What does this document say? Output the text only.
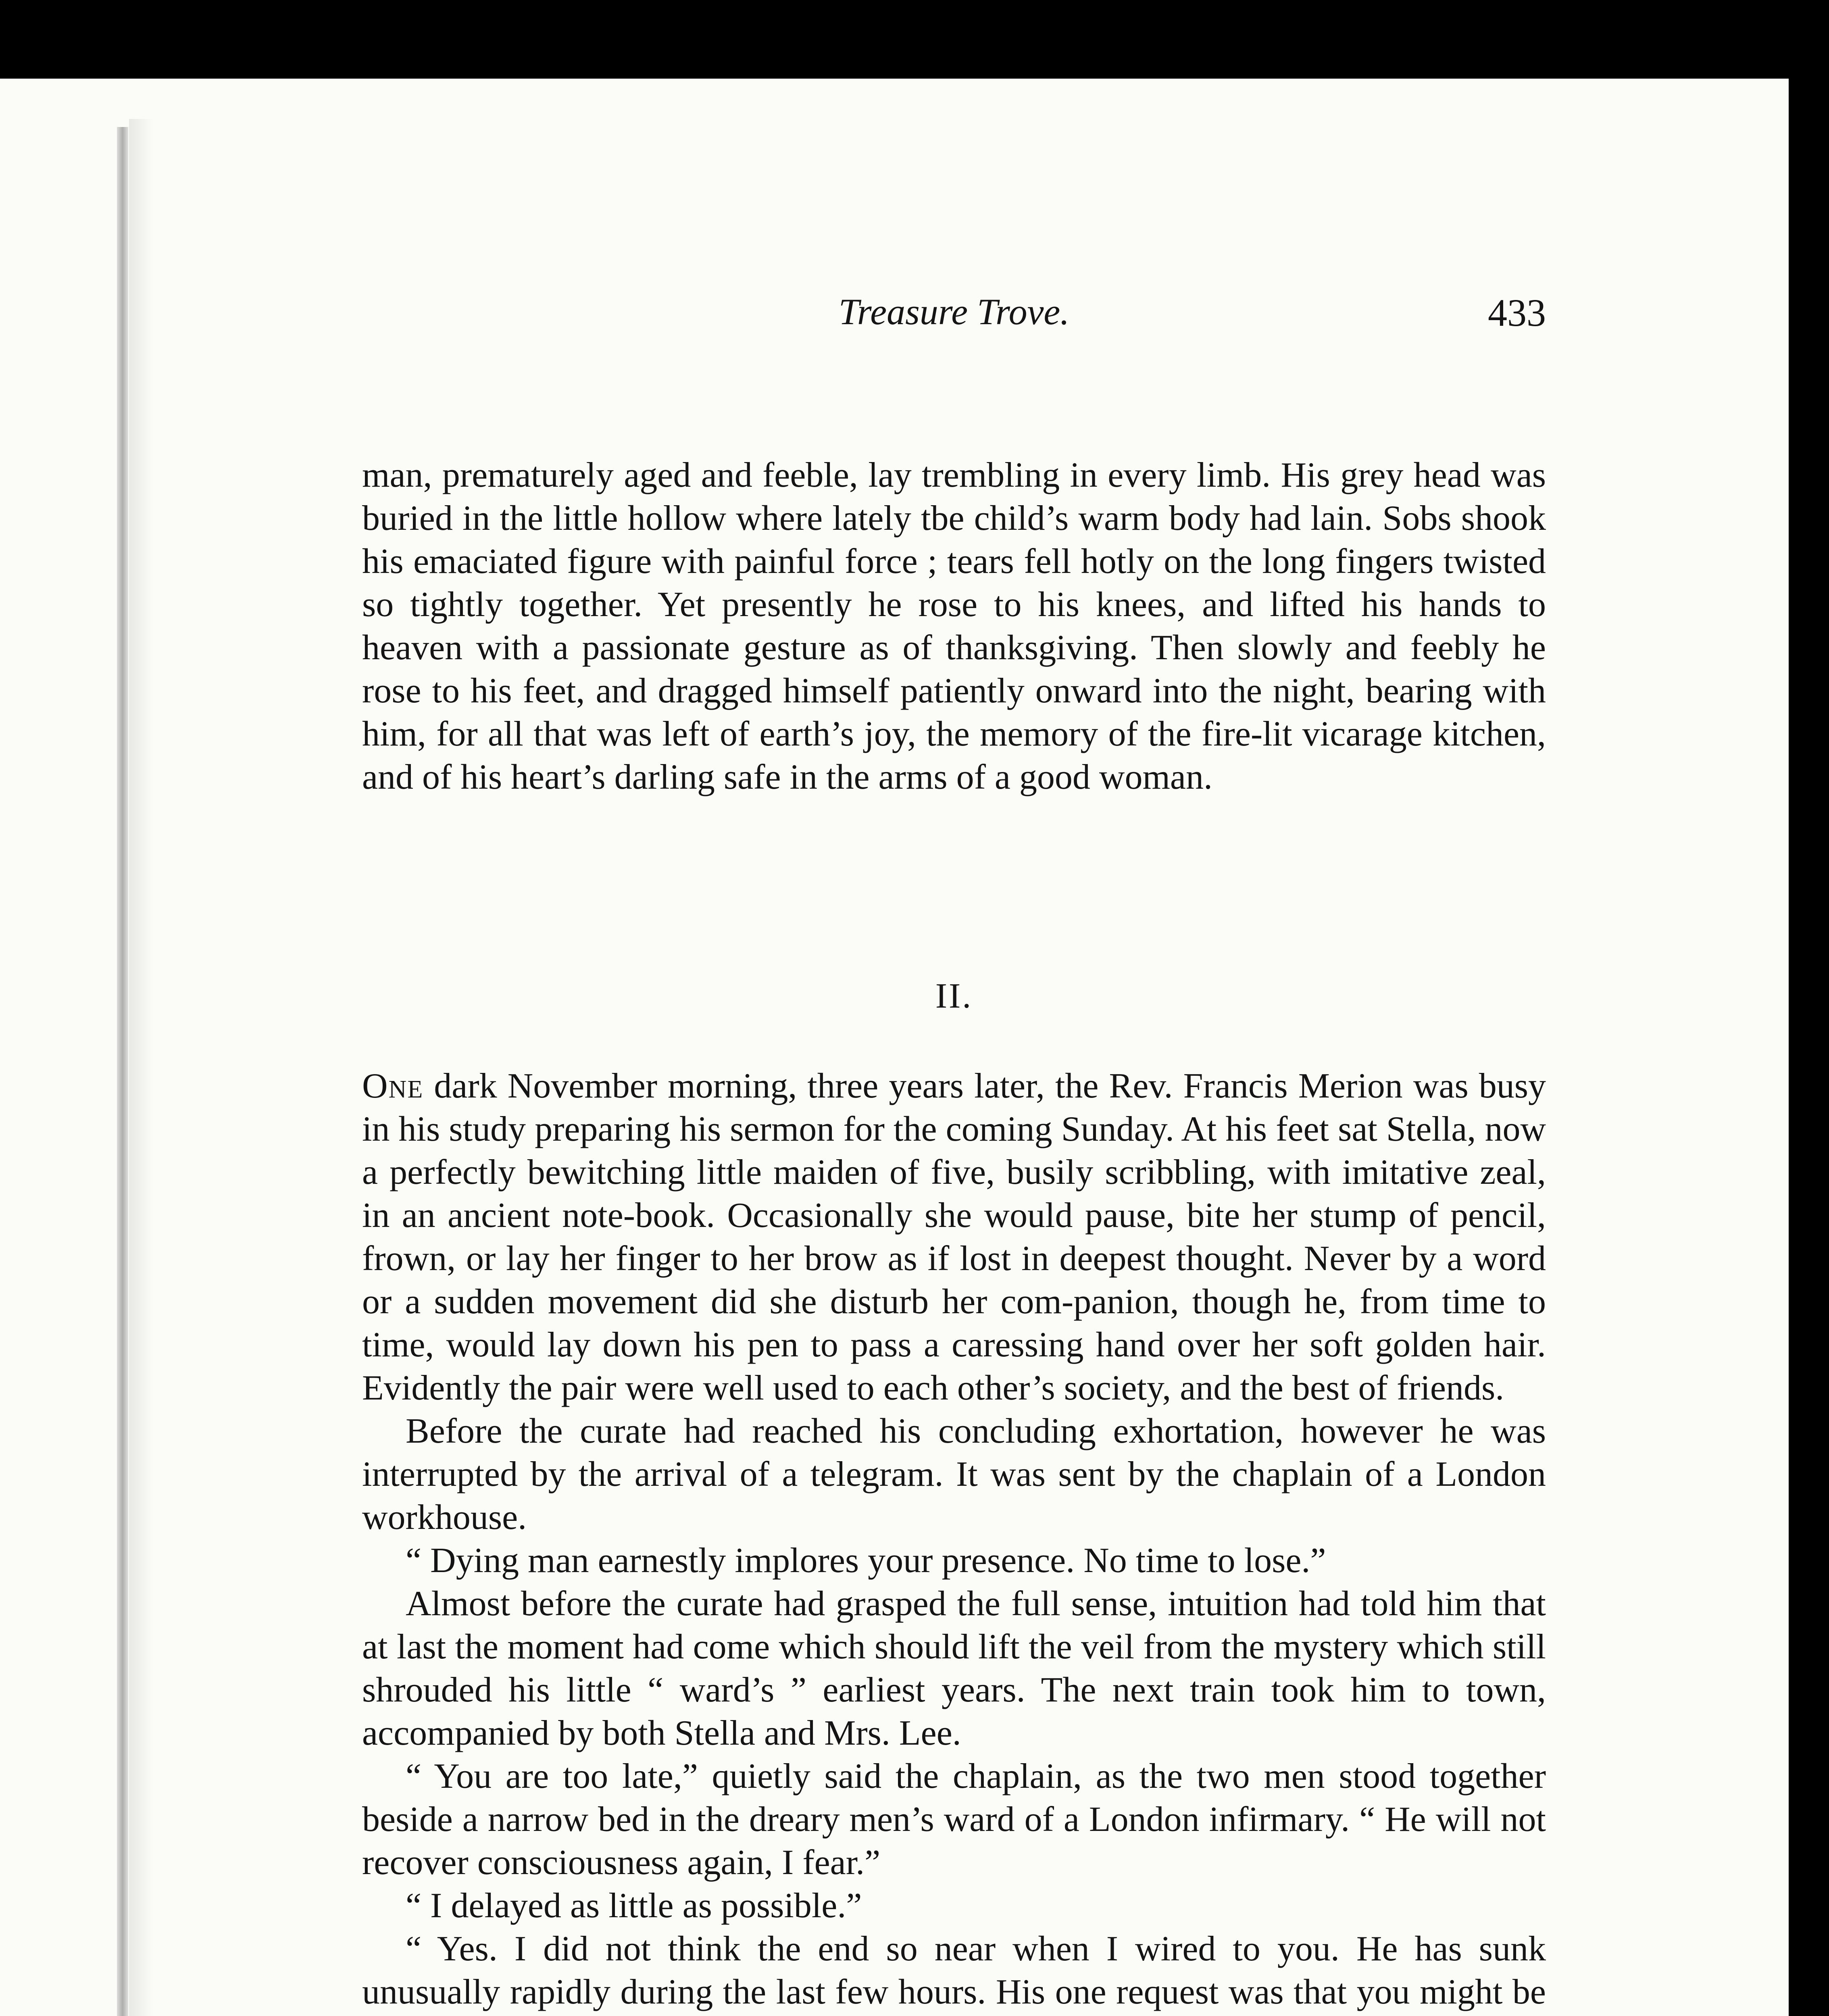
Treasure Trove.	433

man, prematurely aged and feeble, lay trembling in every limb. His grey head was buried in the little hollow where lately tbe child’s warm body had lain. Sobs shook his emaciated figure with painful force ; tears fell hotly on the long fingers twisted so tightly together. Yet presently he rose to his knees, and lifted his hands to heaven with a passionate gesture as of thanksgiving. Then slowly and feebly he rose to his feet, and dragged himself patiently onward into the night, bearing with him, for all that was left of earth’s joy, the memory of the fire-lit vicarage kitchen, and of his heart’s darling safe in the arms of a good woman.

II.

One dark November morning, three years later, the Rev. Francis Merion was busy in his study preparing his sermon for the coming Sunday. At his feet sat Stella, now a perfectly bewitching little maiden of five, busily scribbling, with imitative zeal, in an ancient note-book. Occasionally she would pause, bite her stump of pencil, frown, or lay her finger to her brow as if lost in deepest thought. Never by a word or a sudden movement did she disturb her com-panion, though he, from time to time, would lay down his pen to pass a caressing hand over her soft golden hair. Evidently the pair were well used to each other’s society, and the best of friends.

Before the curate had reached his concluding exhortation, however he was interrupted by the arrival of a telegram. It was sent by the chaplain of a London workhouse.

“ Dying man earnestly implores your presence. No time to lose.”

Almost before the curate had grasped the full sense, intuition had told him that at last the moment had come which should lift the veil from the mystery which still shrouded his little “ ward’s ” earliest years. The next train took him to town, accompanied by both Stella and Mrs. Lee.

“ You are too late,” quietly said the chaplain, as the two men stood together beside a narrow bed in the dreary men’s ward of a London infirmary. “ He will not recover consciousness again, I fear.”

“ I delayed as little as possible.”

“ Yes. I did not think the end so near when I wired to you. He has sunk unusually rapidly during the last few hours. His one request was that you might be
